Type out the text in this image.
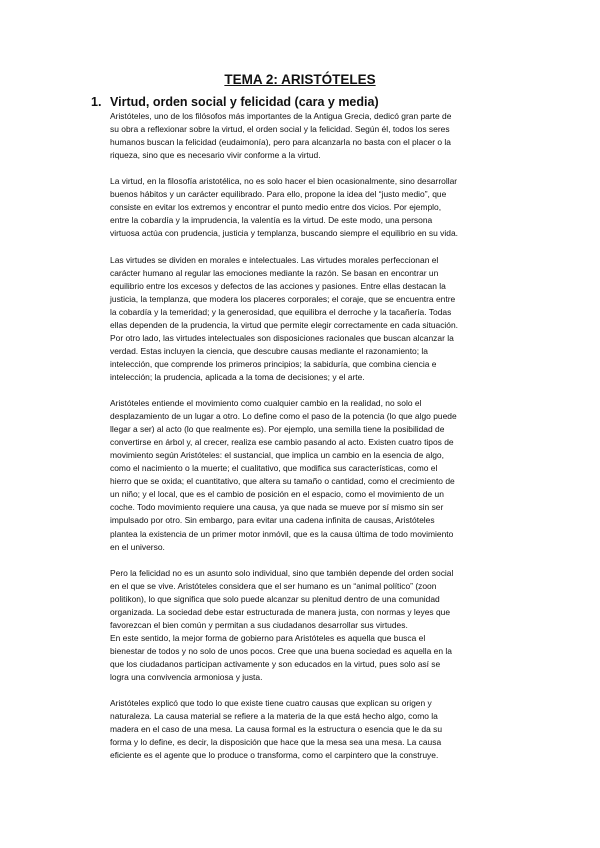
TEMA 2: ARISTÓTELES
1. Virtud, orden social y felicidad (cara y media)
Aristóteles, uno de los filósofos más importantes de la Antigua Grecia, dedicó gran parte de
su obra a reflexionar sobre la virtud, el orden social y la felicidad. Según él, todos los seres
humanos buscan la felicidad (eudaimonía), pero para alcanzarla no basta con el placer o la
riqueza, sino que es necesario vivir conforme a la virtud.
La virtud, en la filosofía aristotélica, no es solo hacer el bien ocasionalmente, sino desarrollar
buenos hábitos y un carácter equilibrado. Para ello, propone la idea del “justo medio”, que
consiste en evitar los extremos y encontrar el punto medio entre dos vicios. Por ejemplo,
entre la cobardía y la imprudencia, la valentía es la virtud. De este modo, una persona
virtuosa actúa con prudencia, justicia y templanza, buscando siempre el equilibrio en su vida.
Las virtudes se dividen en morales e intelectuales. Las virtudes morales perfeccionan el
carácter humano al regular las emociones mediante la razón. Se basan en encontrar un
equilibrio entre los excesos y defectos de las acciones y pasiones. Entre ellas destacan la
justicia, la templanza, que modera los placeres corporales; el coraje, que se encuentra entre
la cobardía y la temeridad; y la generosidad, que equilibra el derroche y la tacañería. Todas
ellas dependen de la prudencia, la virtud que permite elegir correctamente en cada situación.
Por otro lado, las virtudes intelectuales son disposiciones racionales que buscan alcanzar la
verdad. Estas incluyen la ciencia, que descubre causas mediante el razonamiento; la
intelección, que comprende los primeros principios; la sabiduría, que combina ciencia e
intelección; la prudencia, aplicada a la toma de decisiones; y el arte.
Aristóteles entiende el movimiento como cualquier cambio en la realidad, no solo el
desplazamiento de un lugar a otro. Lo define como el paso de la potencia (lo que algo puede
llegar a ser) al acto (lo que realmente es). Por ejemplo, una semilla tiene la posibilidad de
convertirse en árbol y, al crecer, realiza ese cambio pasando al acto. Existen cuatro tipos de
movimiento según Aristóteles: el sustancial, que implica un cambio en la esencia de algo,
como el nacimiento o la muerte; el cualitativo, que modifica sus características, como el
hierro que se oxida; el cuantitativo, que altera su tamaño o cantidad, como el crecimiento de
un niño; y el local, que es el cambio de posición en el espacio, como el movimiento de un
coche. Todo movimiento requiere una causa, ya que nada se mueve por sí mismo sin ser
impulsado por otro. Sin embargo, para evitar una cadena infinita de causas, Aristóteles
plantea la existencia de un primer motor inmóvil, que es la causa última de todo movimiento
en el universo.
Pero la felicidad no es un asunto solo individual, sino que también depende del orden social
en el que se vive. Aristóteles considera que el ser humano es un “animal político” (zoon
politikon), lo que significa que solo puede alcanzar su plenitud dentro de una comunidad
organizada. La sociedad debe estar estructurada de manera justa, con normas y leyes que
favorezcan el bien común y permitan a sus ciudadanos desarrollar sus virtudes.
En este sentido, la mejor forma de gobierno para Aristóteles es aquella que busca el
bienestar de todos y no solo de unos pocos. Cree que una buena sociedad es aquella en la
que los ciudadanos participan activamente y son educados en la virtud, pues solo así se
logra una convivencia armoniosa y justa.
Aristóteles explicó que todo lo que existe tiene cuatro causas que explican su origen y
naturaleza. La causa material se refiere a la materia de la que está hecho algo, como la
madera en el caso de una mesa. La causa formal es la estructura o esencia que le da su
forma y lo define, es decir, la disposición que hace que la mesa sea una mesa. La causa
eficiente es el agente que lo produce o transforma, como el carpintero que la construye.
